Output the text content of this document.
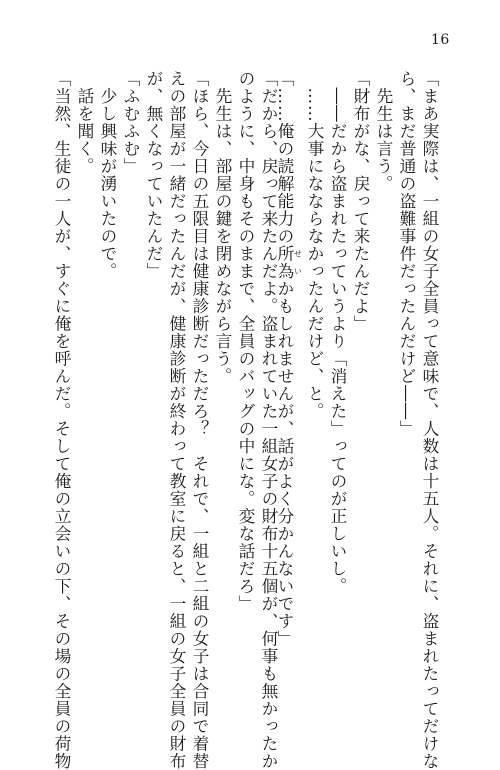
16
「まあ実際は、一組の女子全員って意味で、人数は十五人。それに、盗まれたってだけな
ら、まだ普通の盗難事件だったんだけど――」
　先生は言う。
「財布がな、戻って来たんだよ」
　――だから盗まれたっていうより「消えた」ってのが正しいし。
　……大事になならなかったんだけど、と。
「……俺の読解能力の所為せいかもしれませんが、話がよく分かんないです」
「だから、戻って来たんだよ。盗まれていた一組女子の財布十五個が、何事も無かったか
のように、中身もそのままで、全員のバッグの中にな。変な話だろ」
　先生は、部屋の鍵を閉めながら言う。
「ほら、今日の五限目は健康診断だっただろ？　それで、一組と二組の女子は合同で着替
えの部屋が一緒だったんだが、健康診断が終わって教室に戻ると、一組の女子全員の財布
が、無くなっていたんだ」
「ふむふむ」
　少し興味が湧いたので。
　話を聞く。
「当然、生徒の一人が、すぐに俺を呼んだ。そして俺の立会いの下、その場の全員の荷物
